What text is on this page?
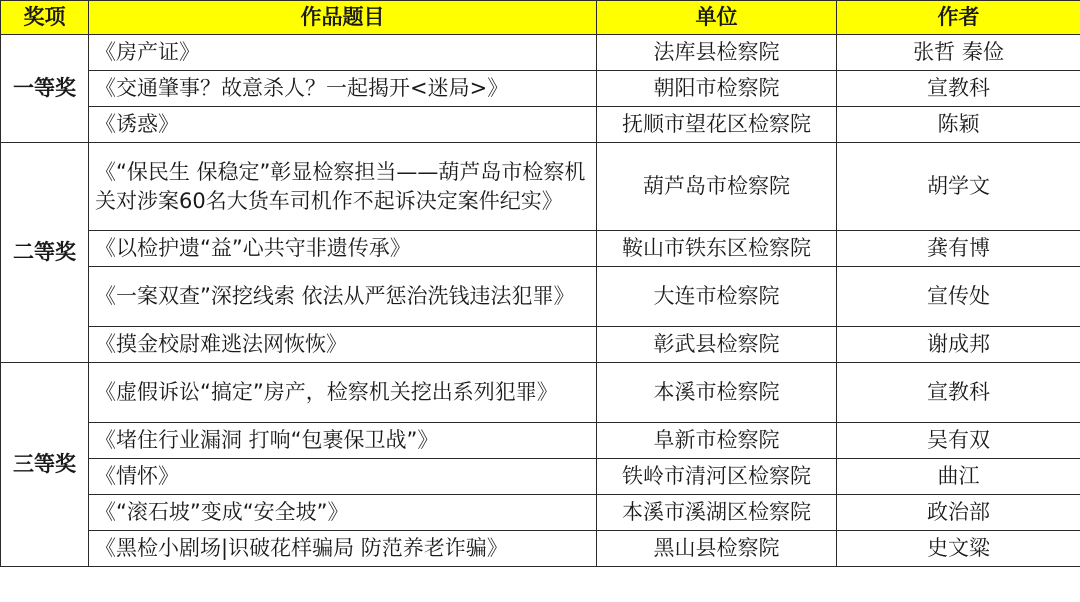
奖项	作品题目	单位	作者
一等奖	《房产证》	法库县检察院	张哲 秦俭
	《交通肇事？故意杀人？一起揭开<迷局>》	朝阳市检察院	宣教科
	《诱惑》	抚顺市望花区检察院	陈颖
二等奖	《“保民生 保稳定”彰显检察担当——葫芦岛市检察机关对涉案60名大货车司机作不起诉决定案件纪实》	葫芦岛市检察院	胡学文
	《以检护遗“益”心共守非遗传承》	鞍山市铁东区检察院	龚有博
	《一案双查”深挖线索 依法从严惩治洗钱违法犯罪》	大连市检察院	宣传处
	《摸金校尉难逃法网恢恢》	彰武县检察院	谢成邦
三等奖	《虚假诉讼“搞定”房产，检察机关挖出系列犯罪》	本溪市检察院	宣教科
	《堵住行业漏洞 打响“包裹保卫战”》	阜新市检察院	吴有双
	《情怀》	铁岭市清河区检察院	曲江
	《“滚石坡”变成“安全坡”》	本溪市溪湖区检察院	政治部
	《黑检小剧场|识破花样骗局 防范养老诈骗》	黑山县检察院	史文粱
